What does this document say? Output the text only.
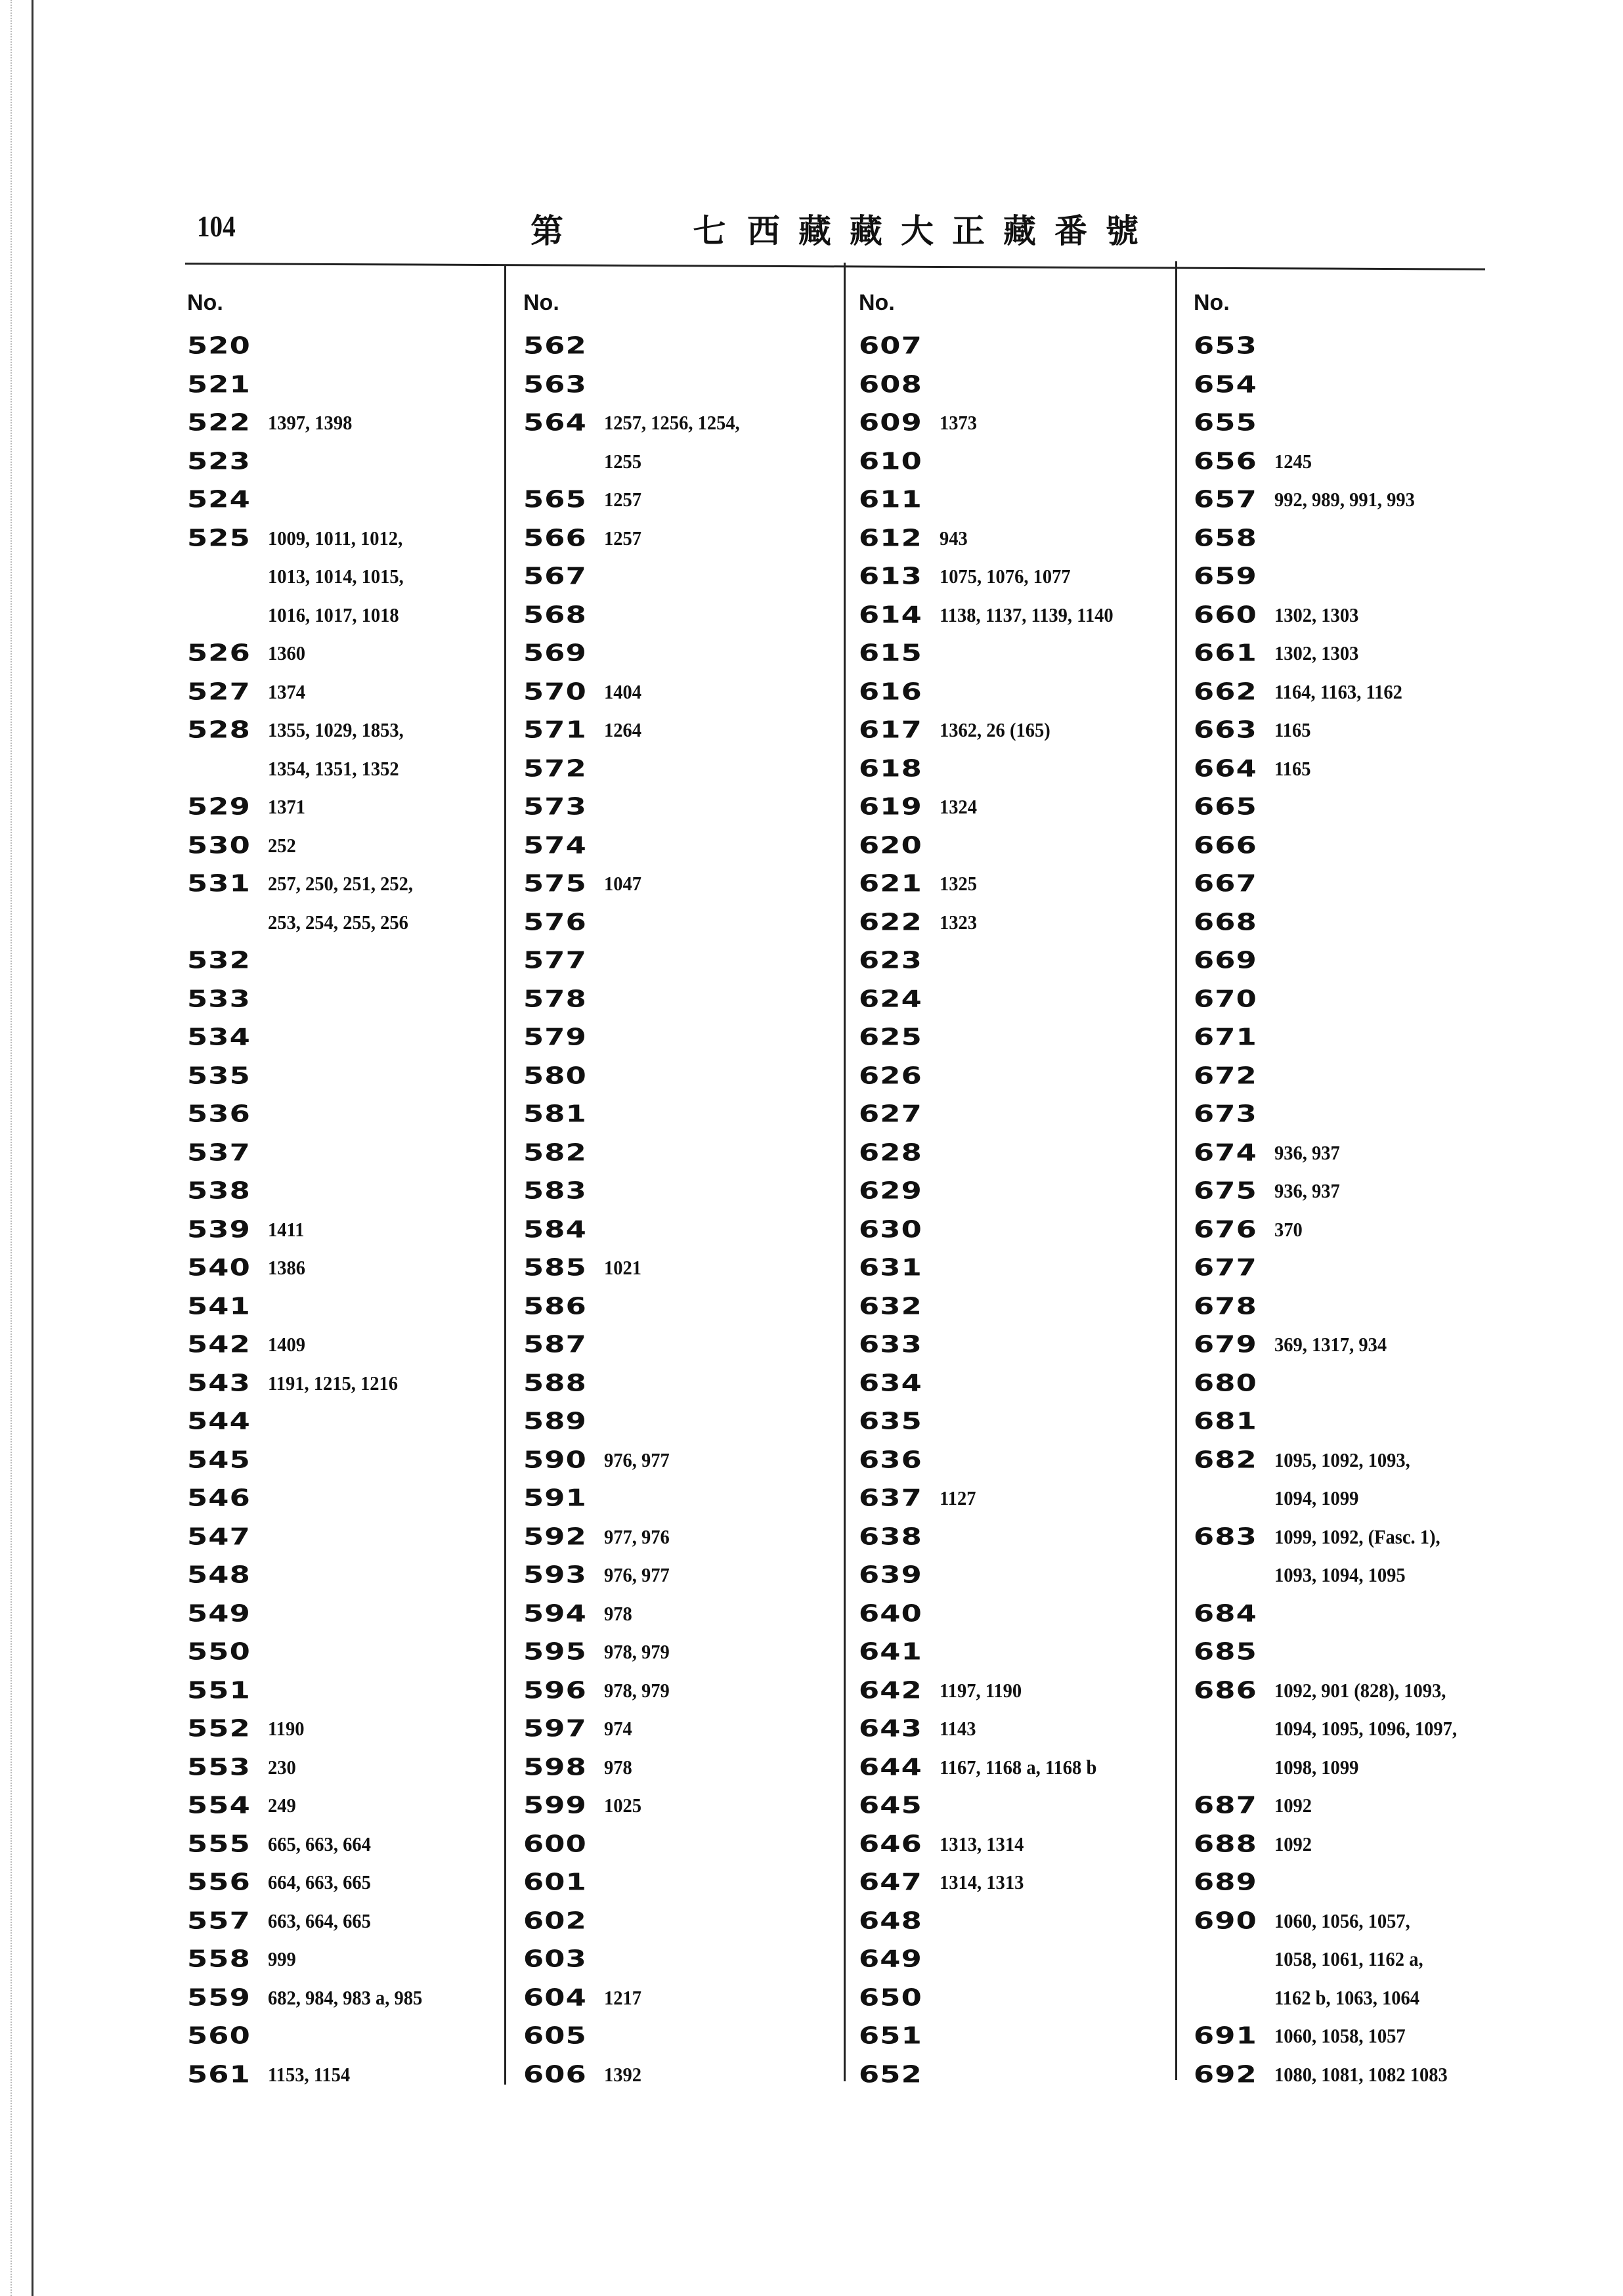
104	第 七
西藏藏大正藏番號
No.
520
521
522 1397, 1398
523
524
525 1009, 1011, 1012,
1013, 1014, 1015,
1016, 1017, 1018
526 1360
527 1374
528 1355, 1029, 1853,
1354, 1351, 1352
529 1371
530 252
531 257, 250, 251, 252,
253, 254, 255, 256
532
533
534
535
536
537
538
539 1411
540 1386
541
542 1409
543 1191, 1215, 1216
544
545
546
547
548
549
550
551
552 1190
553 230
554 249
555 665, 663, 664
556 664, 663, 665
557 663, 664, 665
558 999
559 682, 984, 983 a, 985
560
561 1153, 1154
No.
562
563
564 1257, 1256, 1254,
1255
565 1257
566 1257
567
568
569
570 1404
571 1264
572
573
574
575 1047
576
577
578
579
580
581
582
583
584
585 1021
586
587
588
589
590 976, 977
591
592 977, 976
593 976, 977
594 978
595 978, 979
596 978, 979
597 974
598 978
599 1025
600
601
602
603
604 1217
605
606 1392
No.
607
608
609 1373
610
611
612 943
613 1075, 1076, 1077
614 1138, 1137, 1139, 1140
615
616
617 1362, 26 (165)
618
619 1324
620
621 1325
622 1323
623
624
625
626
627
628
629
630
631
632
633
634
635
636
637 1127
638
639
640
641
642 1197, 1190
643 1143
644 1167, 1168 a, 1168 b
645
646 1313, 1314
647 1314, 1313
648
649
650
651
652
No.
653
654
655
656 1245
657 992, 989, 991, 993
658
659
660 1302, 1303
661 1302, 1303
662 1164, 1163, 1162
663 1165
664 1165
665
666
667
668
669
670
671
672
673
674 936, 937
675 936, 937
676 370
677
678
679 369, 1317, 934
680
681
682 1095, 1092, 1093,
1094, 1099
683 1099, 1092, (Fasc. 1),
1093, 1094, 1095
684
685
686 1092, 901 (828), 1093,
1094, 1095, 1096, 1097,
1098, 1099
687 1092
688 1092
689
690 1060, 1056, 1057,
1058, 1061, 1162 a,
1162 b, 1063, 1064
691 1060, 1058, 1057
692 1080, 1081, 1082 1083
